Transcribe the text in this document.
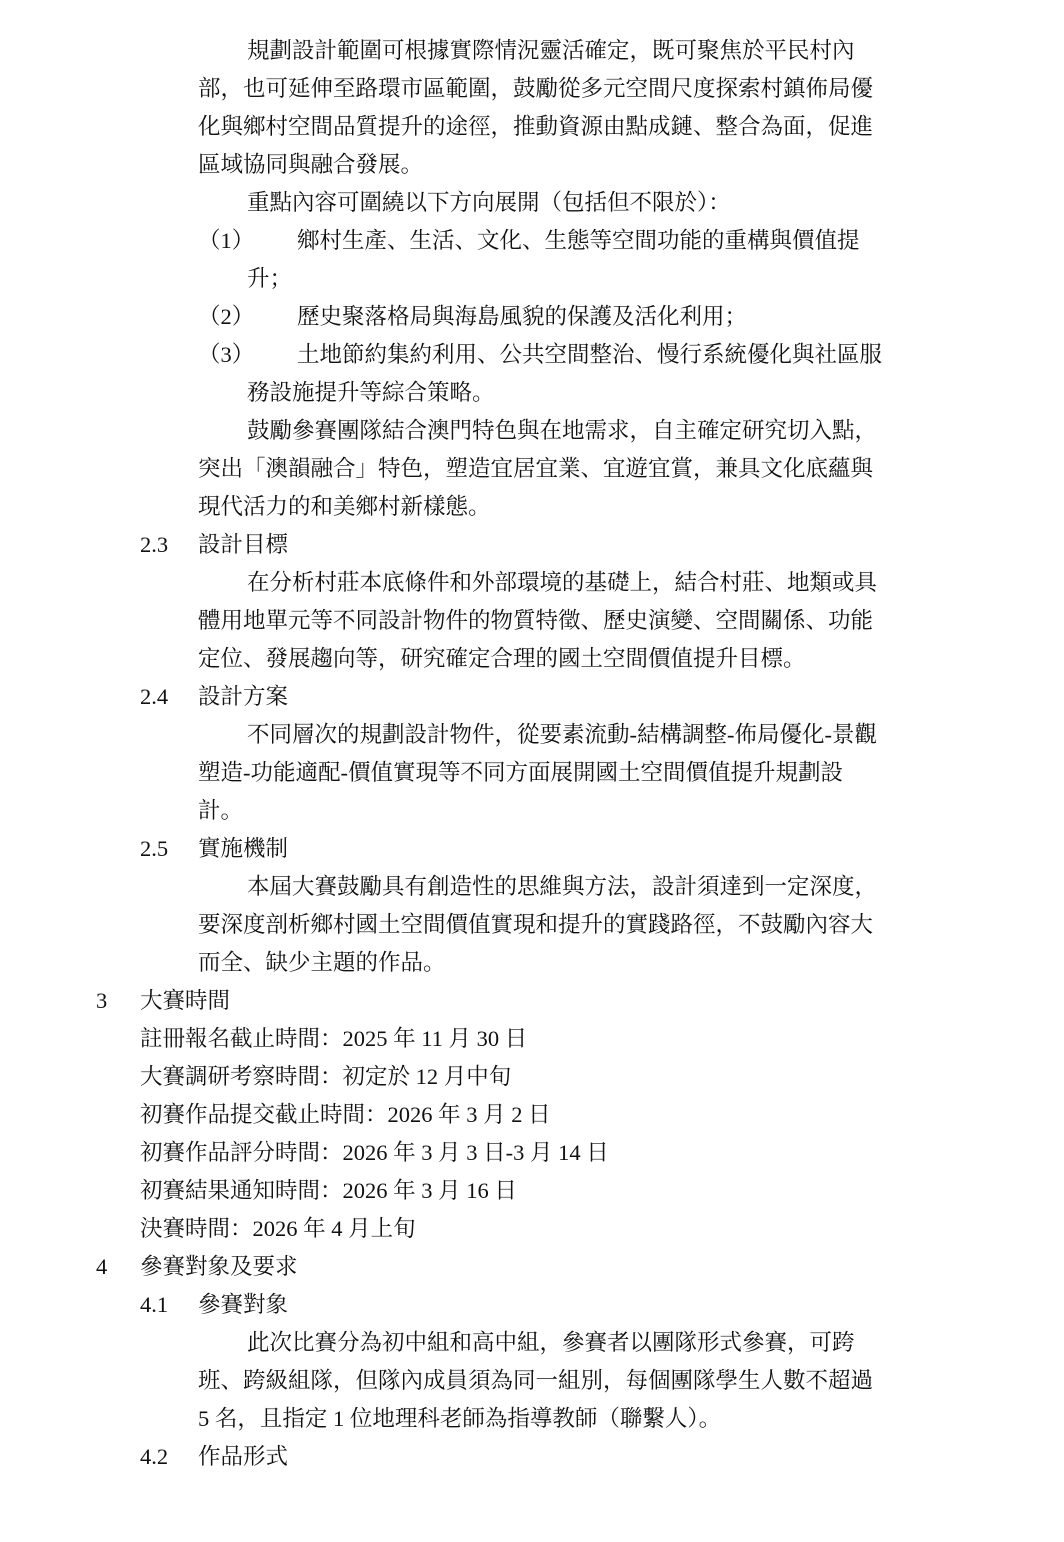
規劃設計範圍可根據實際情況靈活確定，既可聚焦於平民村內

部，也可延伸至路環市區範圍，鼓勵從多元空間尺度探索村鎮佈局優

化與鄉村空間品質提升的途徑，推動資源由點成鏈、整合為面，促進

區域協同與融合發展。

重點內容可圍繞以下方向展開（包括但不限於）：

（1） 鄉村生產、生活、文化、生態等空間功能的重構與價值提

升；

（2） 歷史聚落格局與海島風貌的保護及活化利用；

（3） 土地節約集約利用、公共空間整治、慢行系統優化與社區服

務設施提升等綜合策略。

鼓勵參賽團隊結合澳門特色與在地需求，自主確定研究切入點，

突出「澳韻融合」特色，塑造宜居宜業、宜遊宜賞，兼具文化底蘊與

現代活力的和美鄉村新樣態。

2.3 設計目標

在分析村莊本底條件和外部環境的基礎上，結合村莊、地類或具

體用地單元等不同設計物件的物質特徵、歷史演變、空間關係、功能

定位、發展趨向等，研究確定合理的國土空間價值提升目標。

2.4 設計方案

不同層次的規劃設計物件，從要素流動-結構調整-佈局優化-景觀

塑造-功能適配-價值實現等不同方面展開國土空間價值提升規劃設

計。

2.5 實施機制

本屆大賽鼓勵具有創造性的思維與方法，設計須達到一定深度，

要深度剖析鄉村國土空間價值實現和提升的實踐路徑，不鼓勵內容大

而全、缺少主題的作品。

3 大賽時間

註冊報名截止時間：2025 年 11 月 30 日

大賽調研考察時間：初定於 12 月中旬

初賽作品提交截止時間：2026 年 3 月 2 日

初賽作品評分時間：2026 年 3 月 3 日-3 月 14 日

初賽結果通知時間：2026 年 3 月 16 日

決賽時間：2026 年 4 月上旬

4 參賽對象及要求

4.1 參賽對象

此次比賽分為初中組和高中組，參賽者以團隊形式參賽，可跨

班、跨級組隊，但隊內成員須為同一組別，每個團隊學生人數不超過

5 名，且指定 1 位地理科老師為指導教師（聯繫人）。

4.2 作品形式
